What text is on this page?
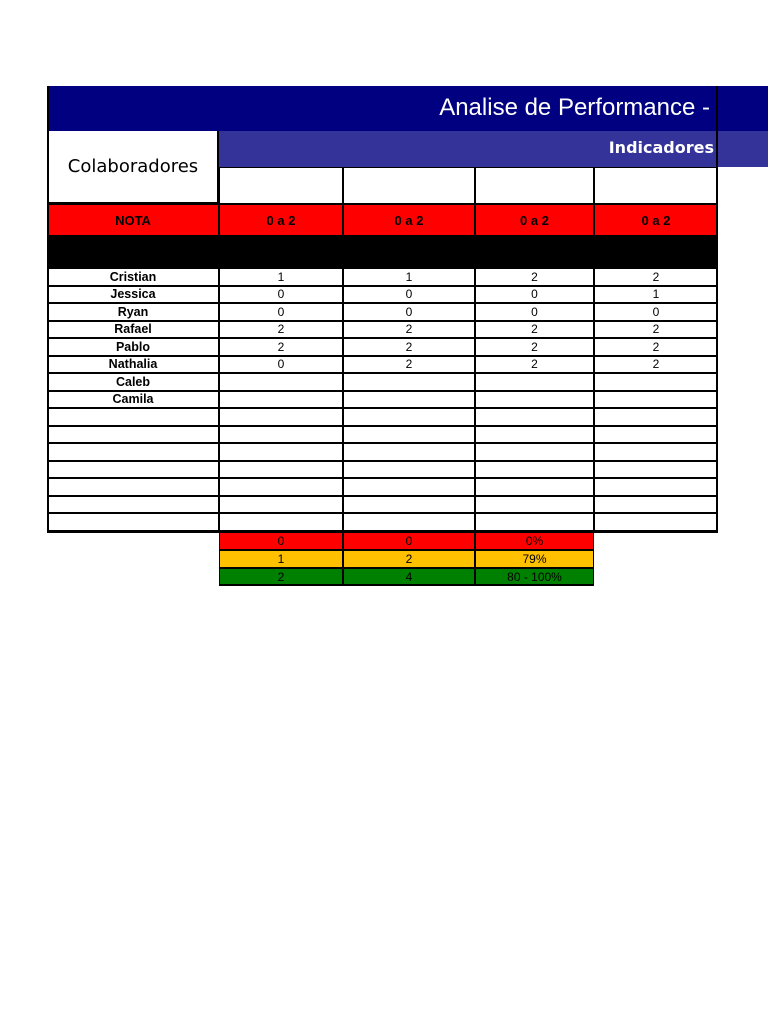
Analise de Performance -
Colaboradores
Indicadores
NOTA	0 a 2	0 a 2	0 a 2	0 a 2
Cristian	1	1	2	2
Jessica	0	0	0	1
Ryan	0	0	0	0
Rafael	2	2	2	2
Pablo	2	2	2	2
Nathalia	0	2	2	2
Caleb
Camila
0	0	0%
1	2	79%
2	4	80 - 100%
